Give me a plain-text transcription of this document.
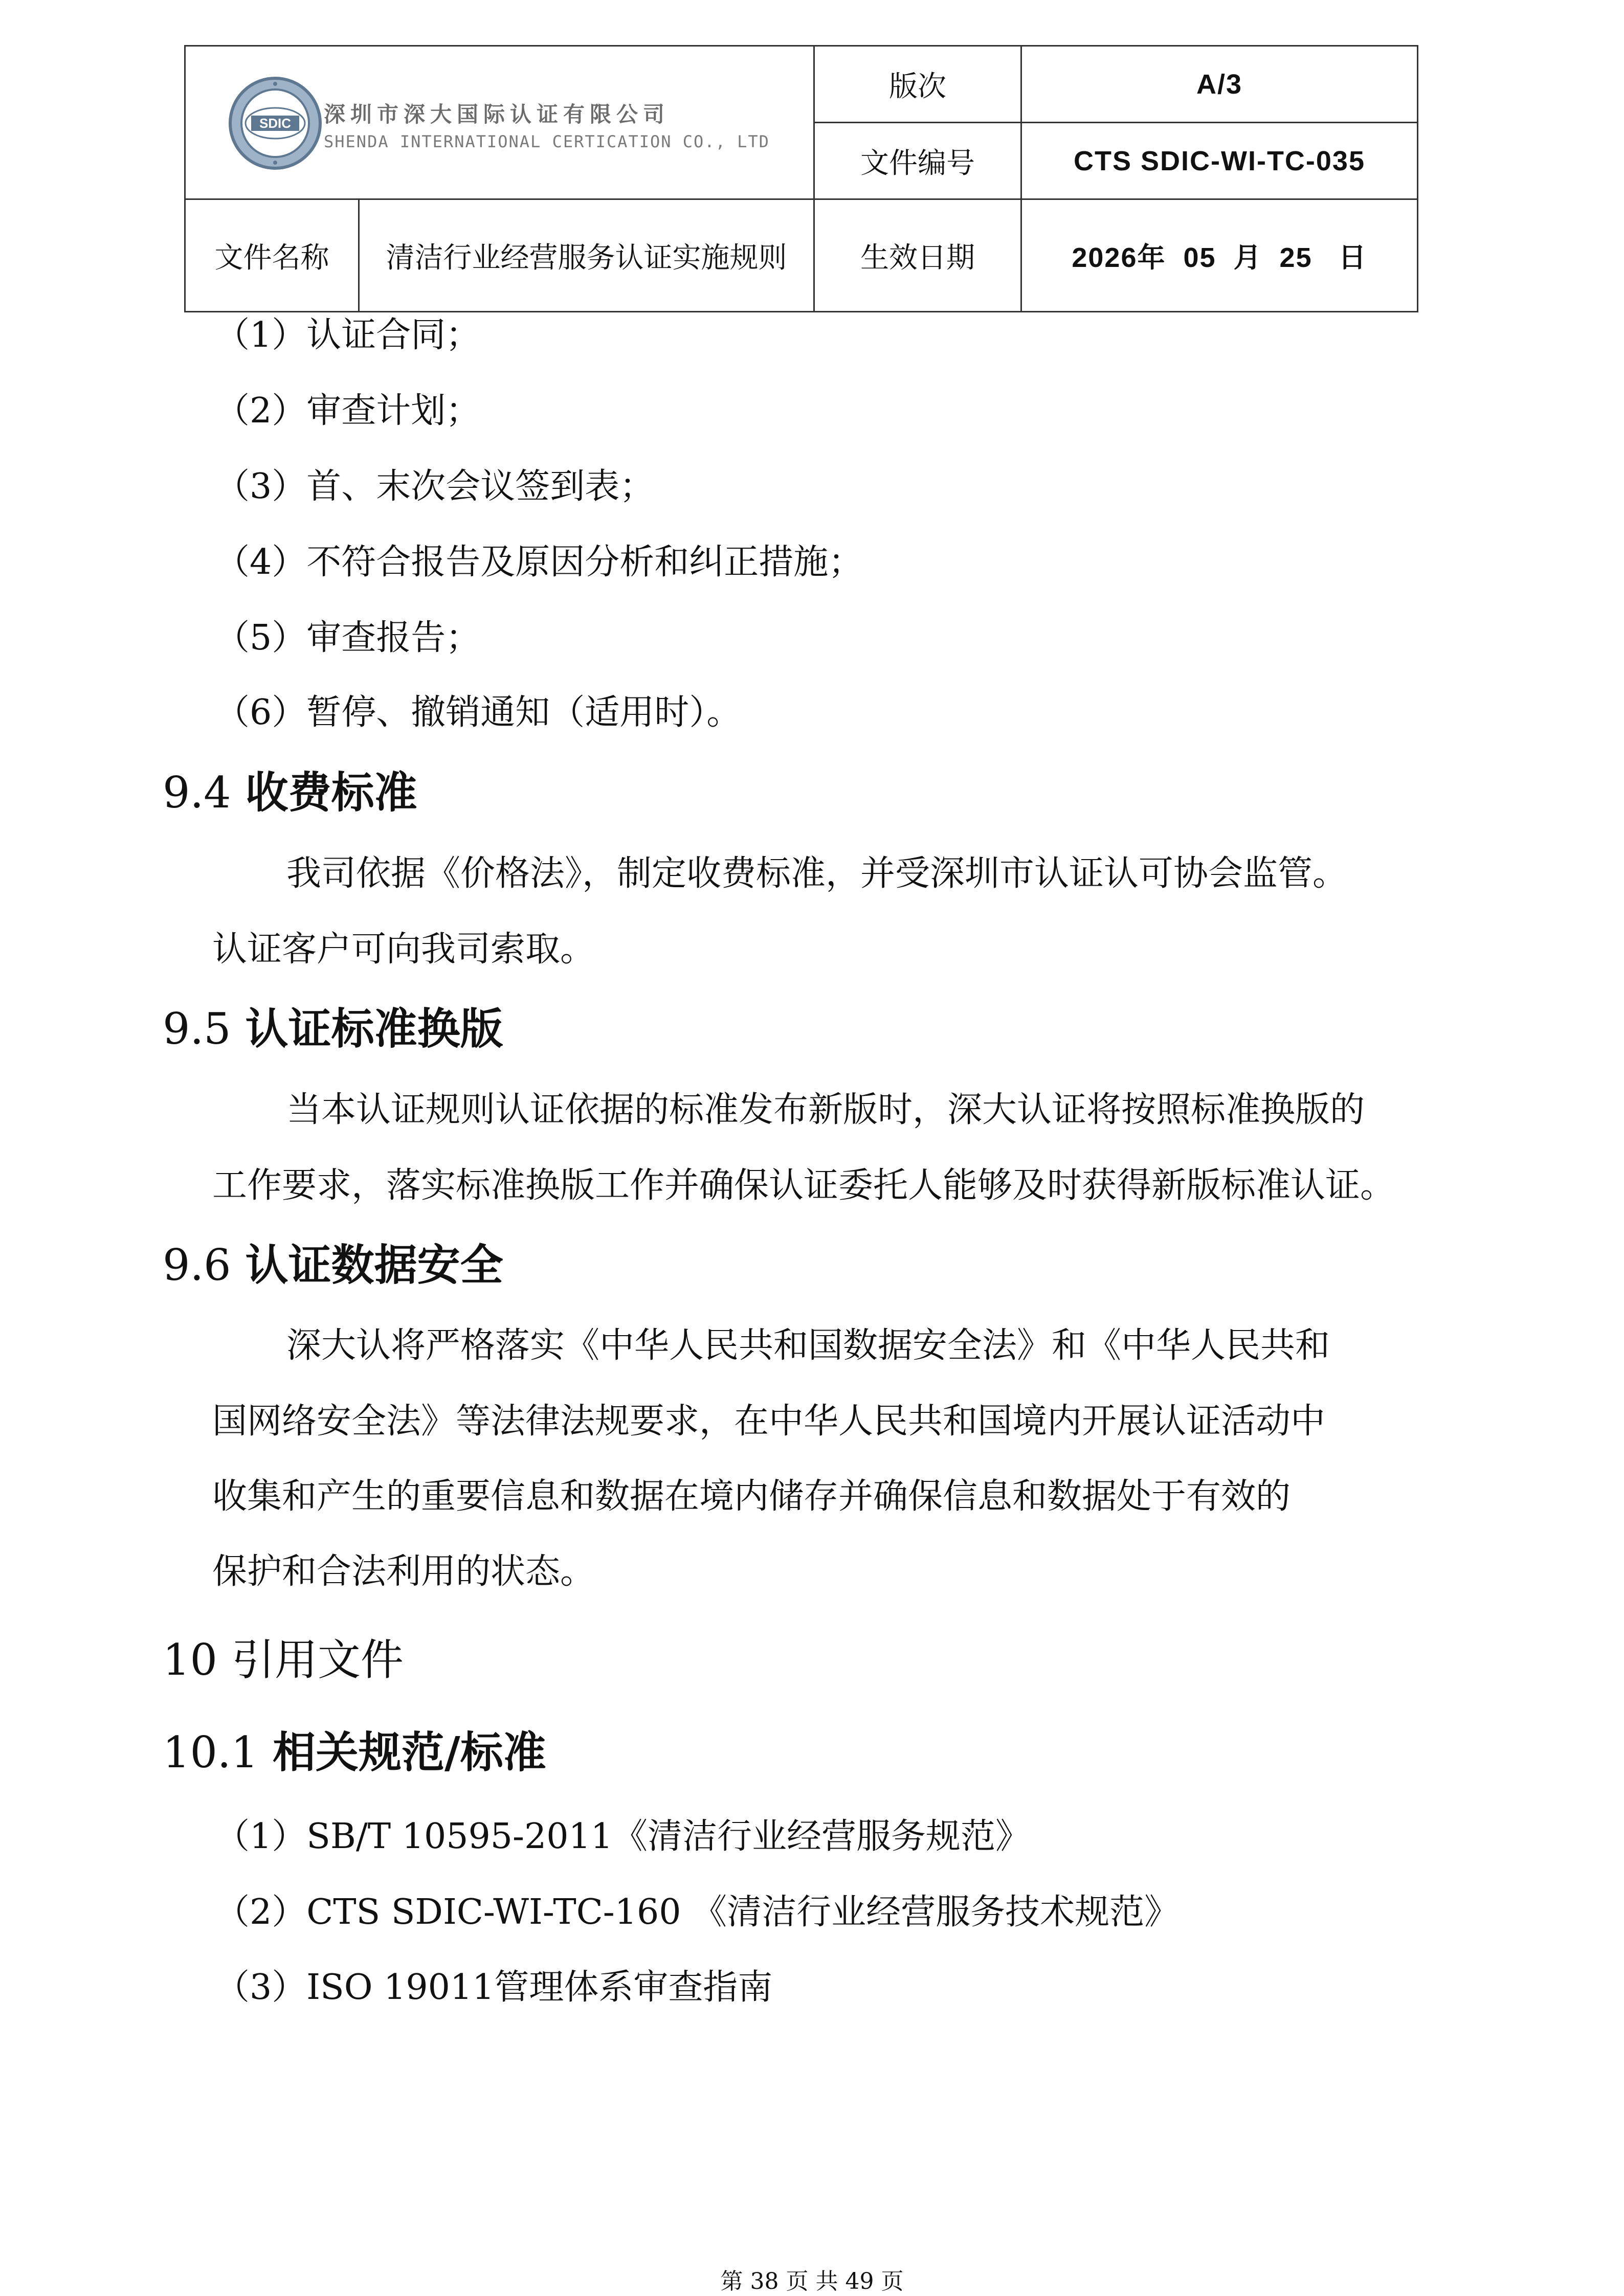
SDIC 深圳市深大国际认证有限公司
SHENDA INTERNATIONAL CERTICATION CO., LTD		版次	A/3
		文件编号	CTS SDIC-WI-TC-035
文件名称	清洁行业经营服务认证实施规则	生效日期	2026年  05  月  25   日
（1）认证合同；
（2）审查计划；
（3）首、末次会议签到表；
（4）不符合报告及原因分析和纠正措施；
（5）审查报告；
（6）暂停、撤销通知（适用时）。
9.4 收费标准
我司依据《价格法》，制定收费标准，并受深圳市认证认可协会监管。
认证客户可向我司索取。
9.5 认证标准换版
当本认证规则认证依据的标准发布新版时，深大认证将按照标准换版的
工作要求，落实标准换版工作并确保认证委托人能够及时获得新版标准认证。
9.6 认证数据安全
深大认将严格落实《中华人民共和国数据安全法》和《中华人民共和
国网络安全法》等法律法规要求，在中华人民共和国境内开展认证活动中
收集和产生的重要信息和数据在境内储存并确保信息和数据处于有效的
保护和合法利用的状态。
10 引用文件
10.1 相关规范/标准
（1）SB/T 10595-2011《清洁行业经营服务规范》
（2）CTS SDIC-WI-TC-160 《清洁行业经营服务技术规范》
（3）ISO 19011管理体系审查指南
第 38 页 共 49 页
